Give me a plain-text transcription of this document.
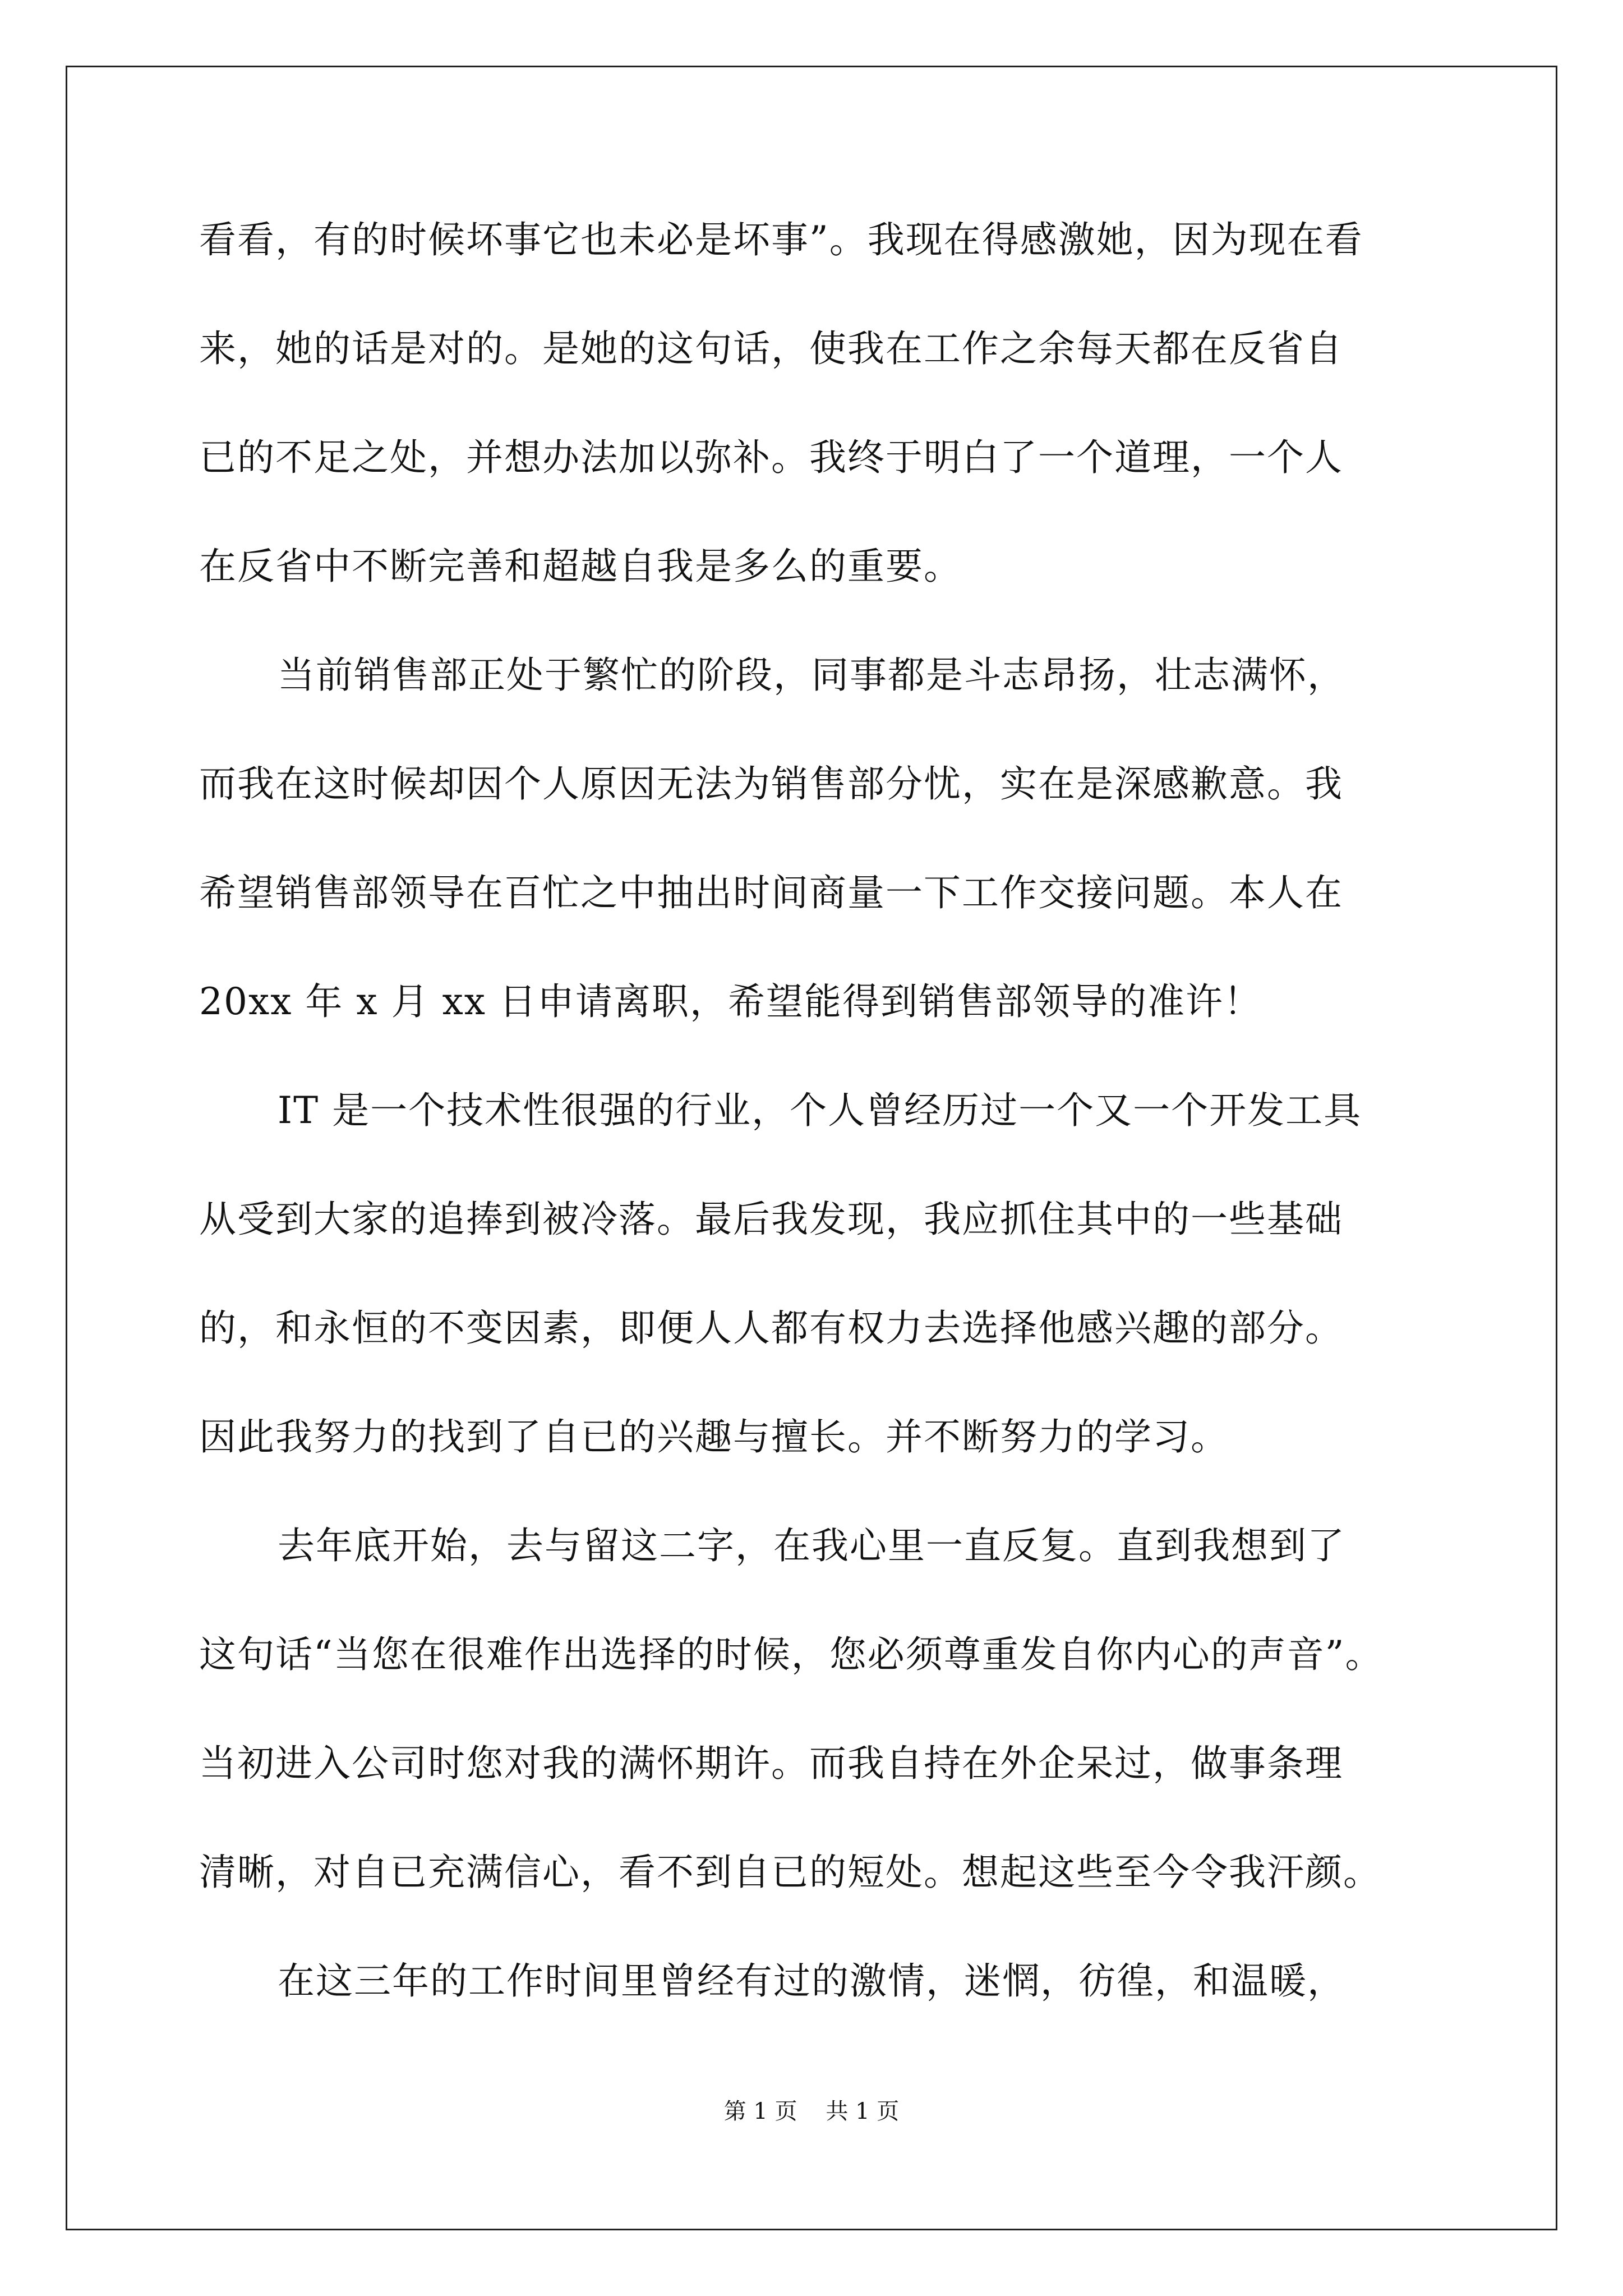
看看，有的时候坏事它也未必是坏事”。我现在得感激她，因为现在看
来，她的话是对的。是她的这句话，使我在工作之余每天都在反省自
已的不足之处，并想办法加以弥补。我终于明白了一个道理，一个人
在反省中不断完善和超越自我是多么的重要。
当前销售部正处于繁忙的阶段，同事都是斗志昂扬，壮志满怀，
而我在这时候却因个人原因无法为销售部分忧，实在是深感歉意。我
希望销售部领导在百忙之中抽出时间商量一下工作交接问题。本人在
20xx 年 x 月 xx 日申请离职，希望能得到销售部领导的准许！
IT 是一个技术性很强的行业，个人曾经历过一个又一个开发工具
从受到大家的追捧到被冷落。最后我发现，我应抓住其中的一些基础
的，和永恒的不变因素，即便人人都有权力去选择他感兴趣的部分。
因此我努力的找到了自已的兴趣与擅长。并不断努力的学习。
去年底开始，去与留这二字，在我心里一直反复。直到我想到了
这句话“当您在很难作出选择的时候，您必须尊重发自你内心的声音”。
当初进入公司时您对我的满怀期许。而我自持在外企呆过，做事条理
清晰，对自已充满信心，看不到自已的短处。想起这些至今令我汗颜。
在这三年的工作时间里曾经有过的激情，迷惘，彷徨，和温暖，
第 1 页    共 1 页
